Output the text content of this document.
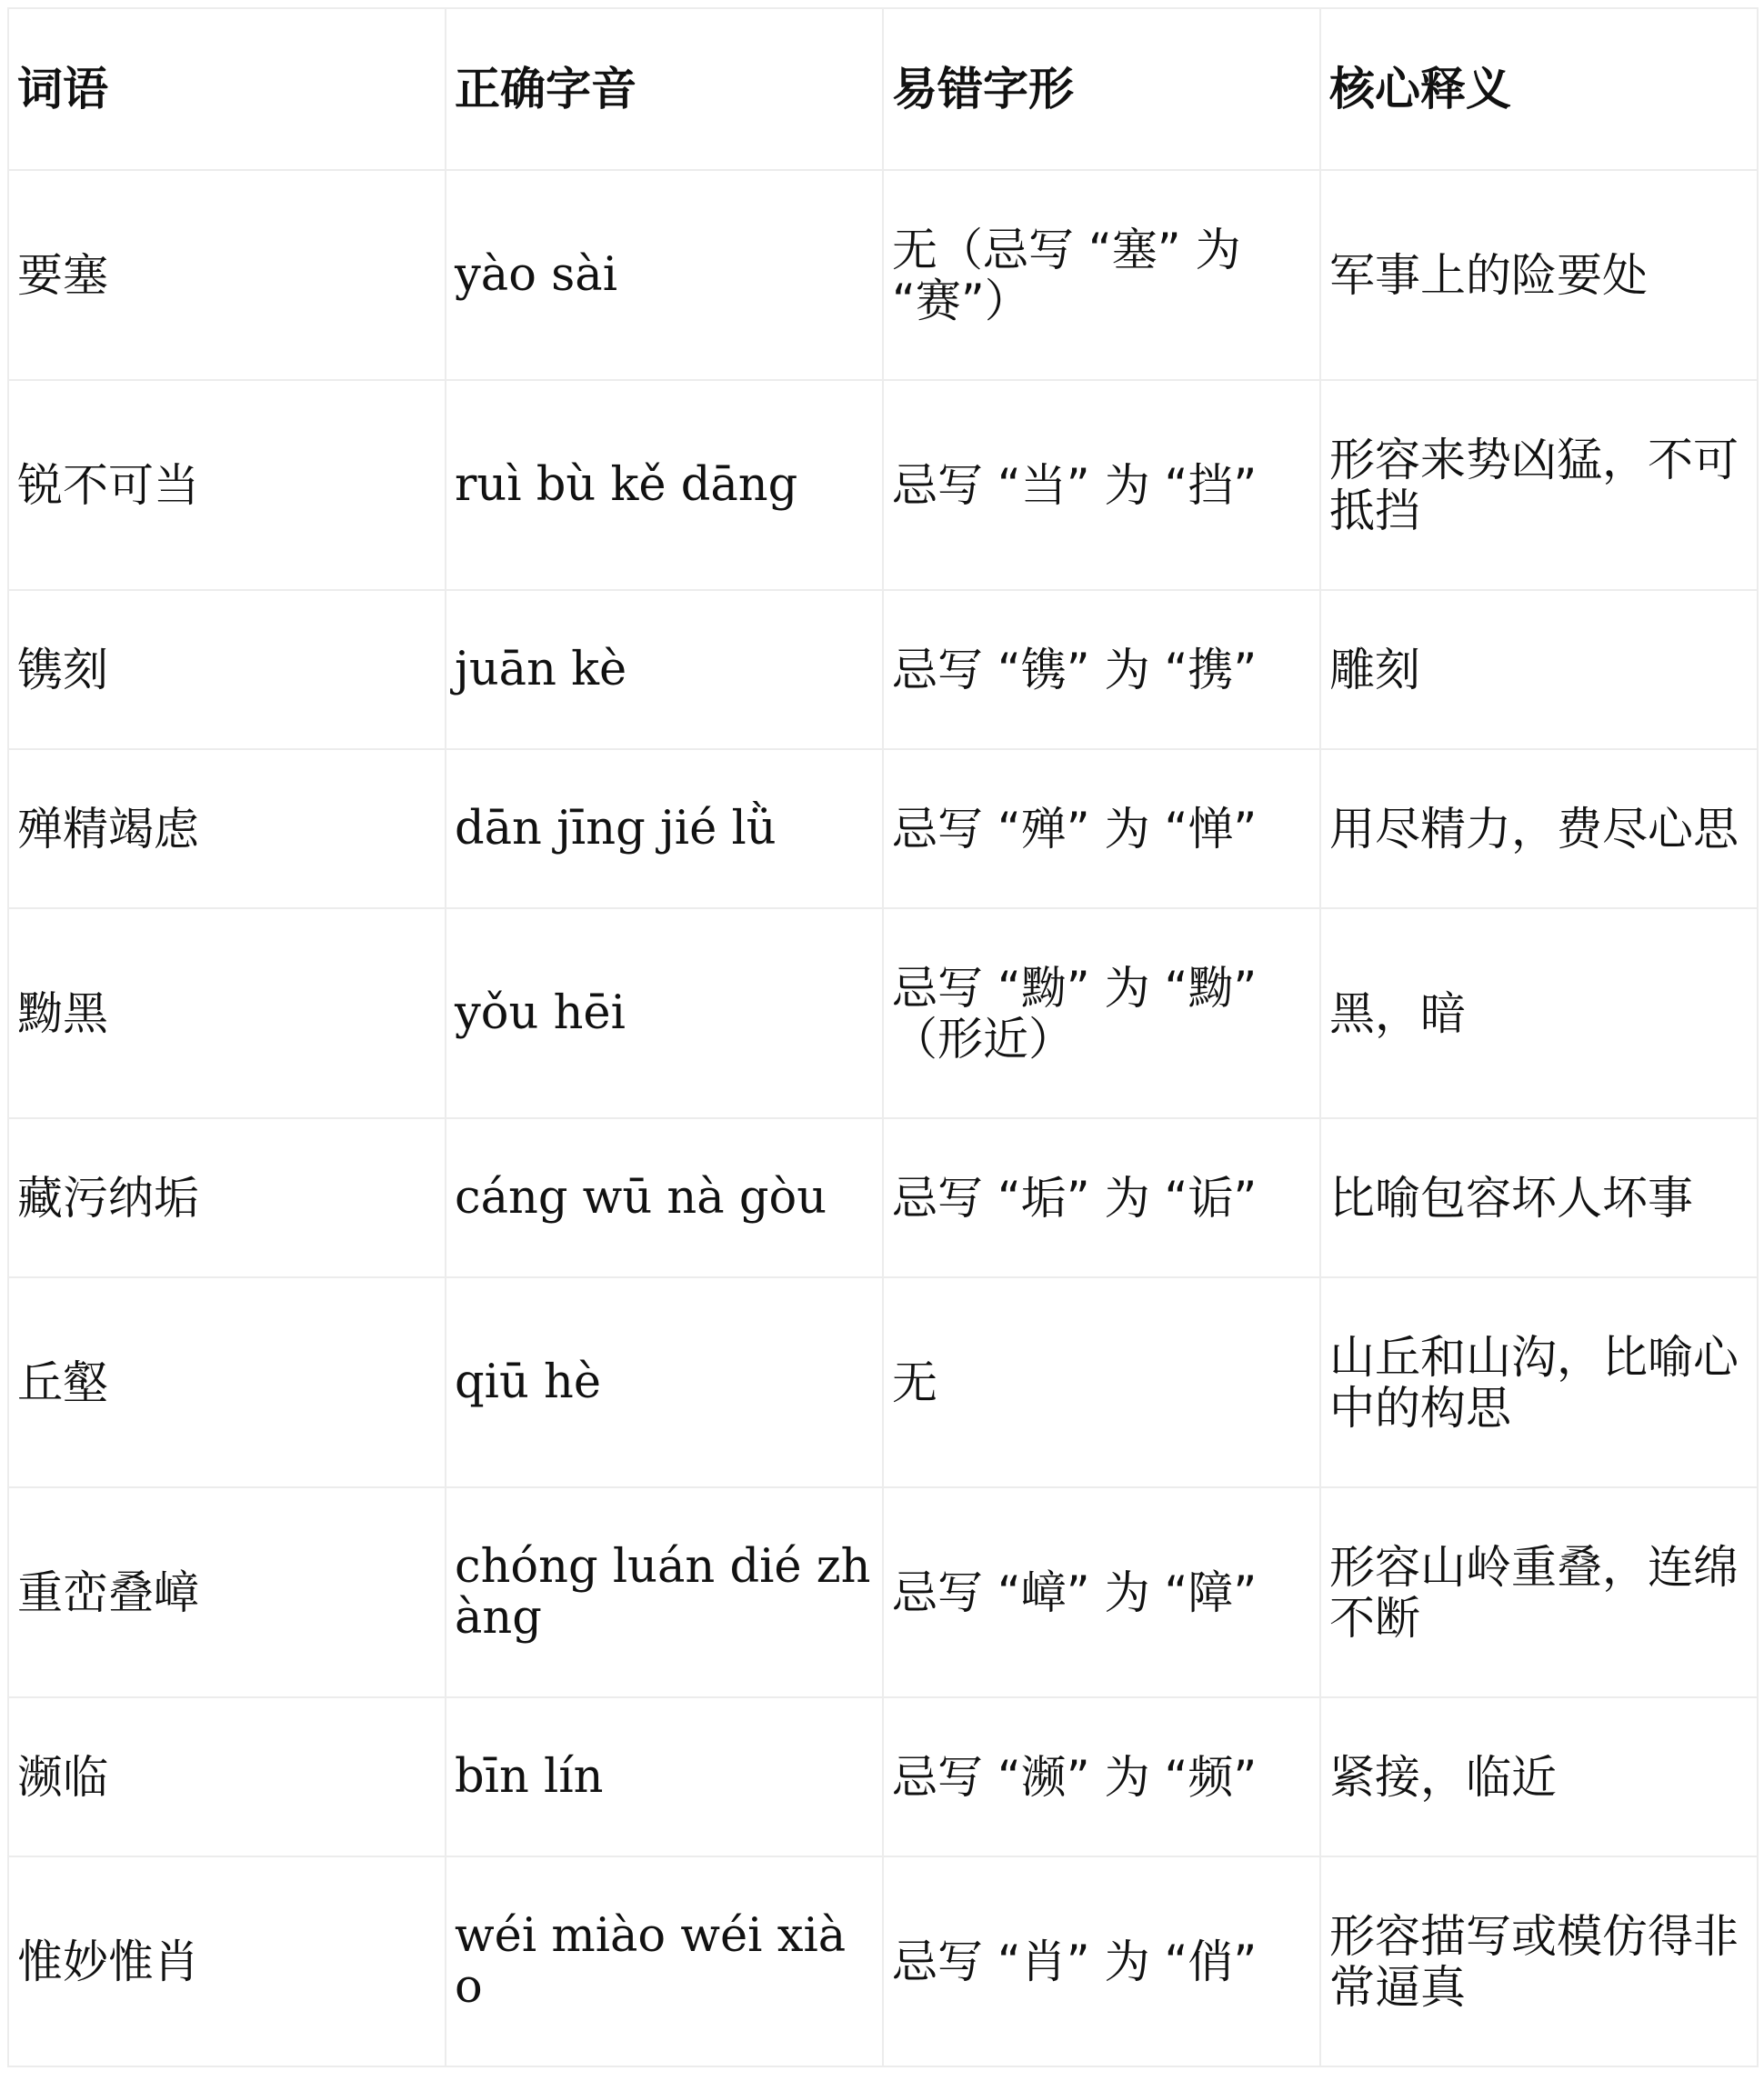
词语	正确字音	易错字形	核心释义
要塞	yào sài	无（忌写 “塞” 为 “赛”）	军事上的险要处
锐不可当	ruì bù kě dāng	忌写 “当” 为 “挡”	形容来势凶猛，不可抵挡
镌刻	juān kè	忌写 “镌” 为 “携”	雕刻
殚精竭虑	dān jīng jié lǜ	忌写 “殚” 为 “惮”	用尽精力，费尽心思
黝黑	yǒu hēi	忌写 “黝” 为 “黝” （形近）	黑，暗
藏污纳垢	cáng wū nà gòu	忌写 “垢” 为 “诟”	比喻包容坏人坏事
丘壑	qiū hè	无	山丘和山沟，比喻心中的构思
重峦叠嶂	chóng luán dié zhàng	忌写 “嶂” 为 “障”	形容山岭重叠，连绵不断
濒临	bīn lín	忌写 “濒” 为 “频”	紧接，临近
惟妙惟肖	wéi miào wéi xiào	忌写 “肖” 为 “俏”	形容描写或模仿得非常逼真
